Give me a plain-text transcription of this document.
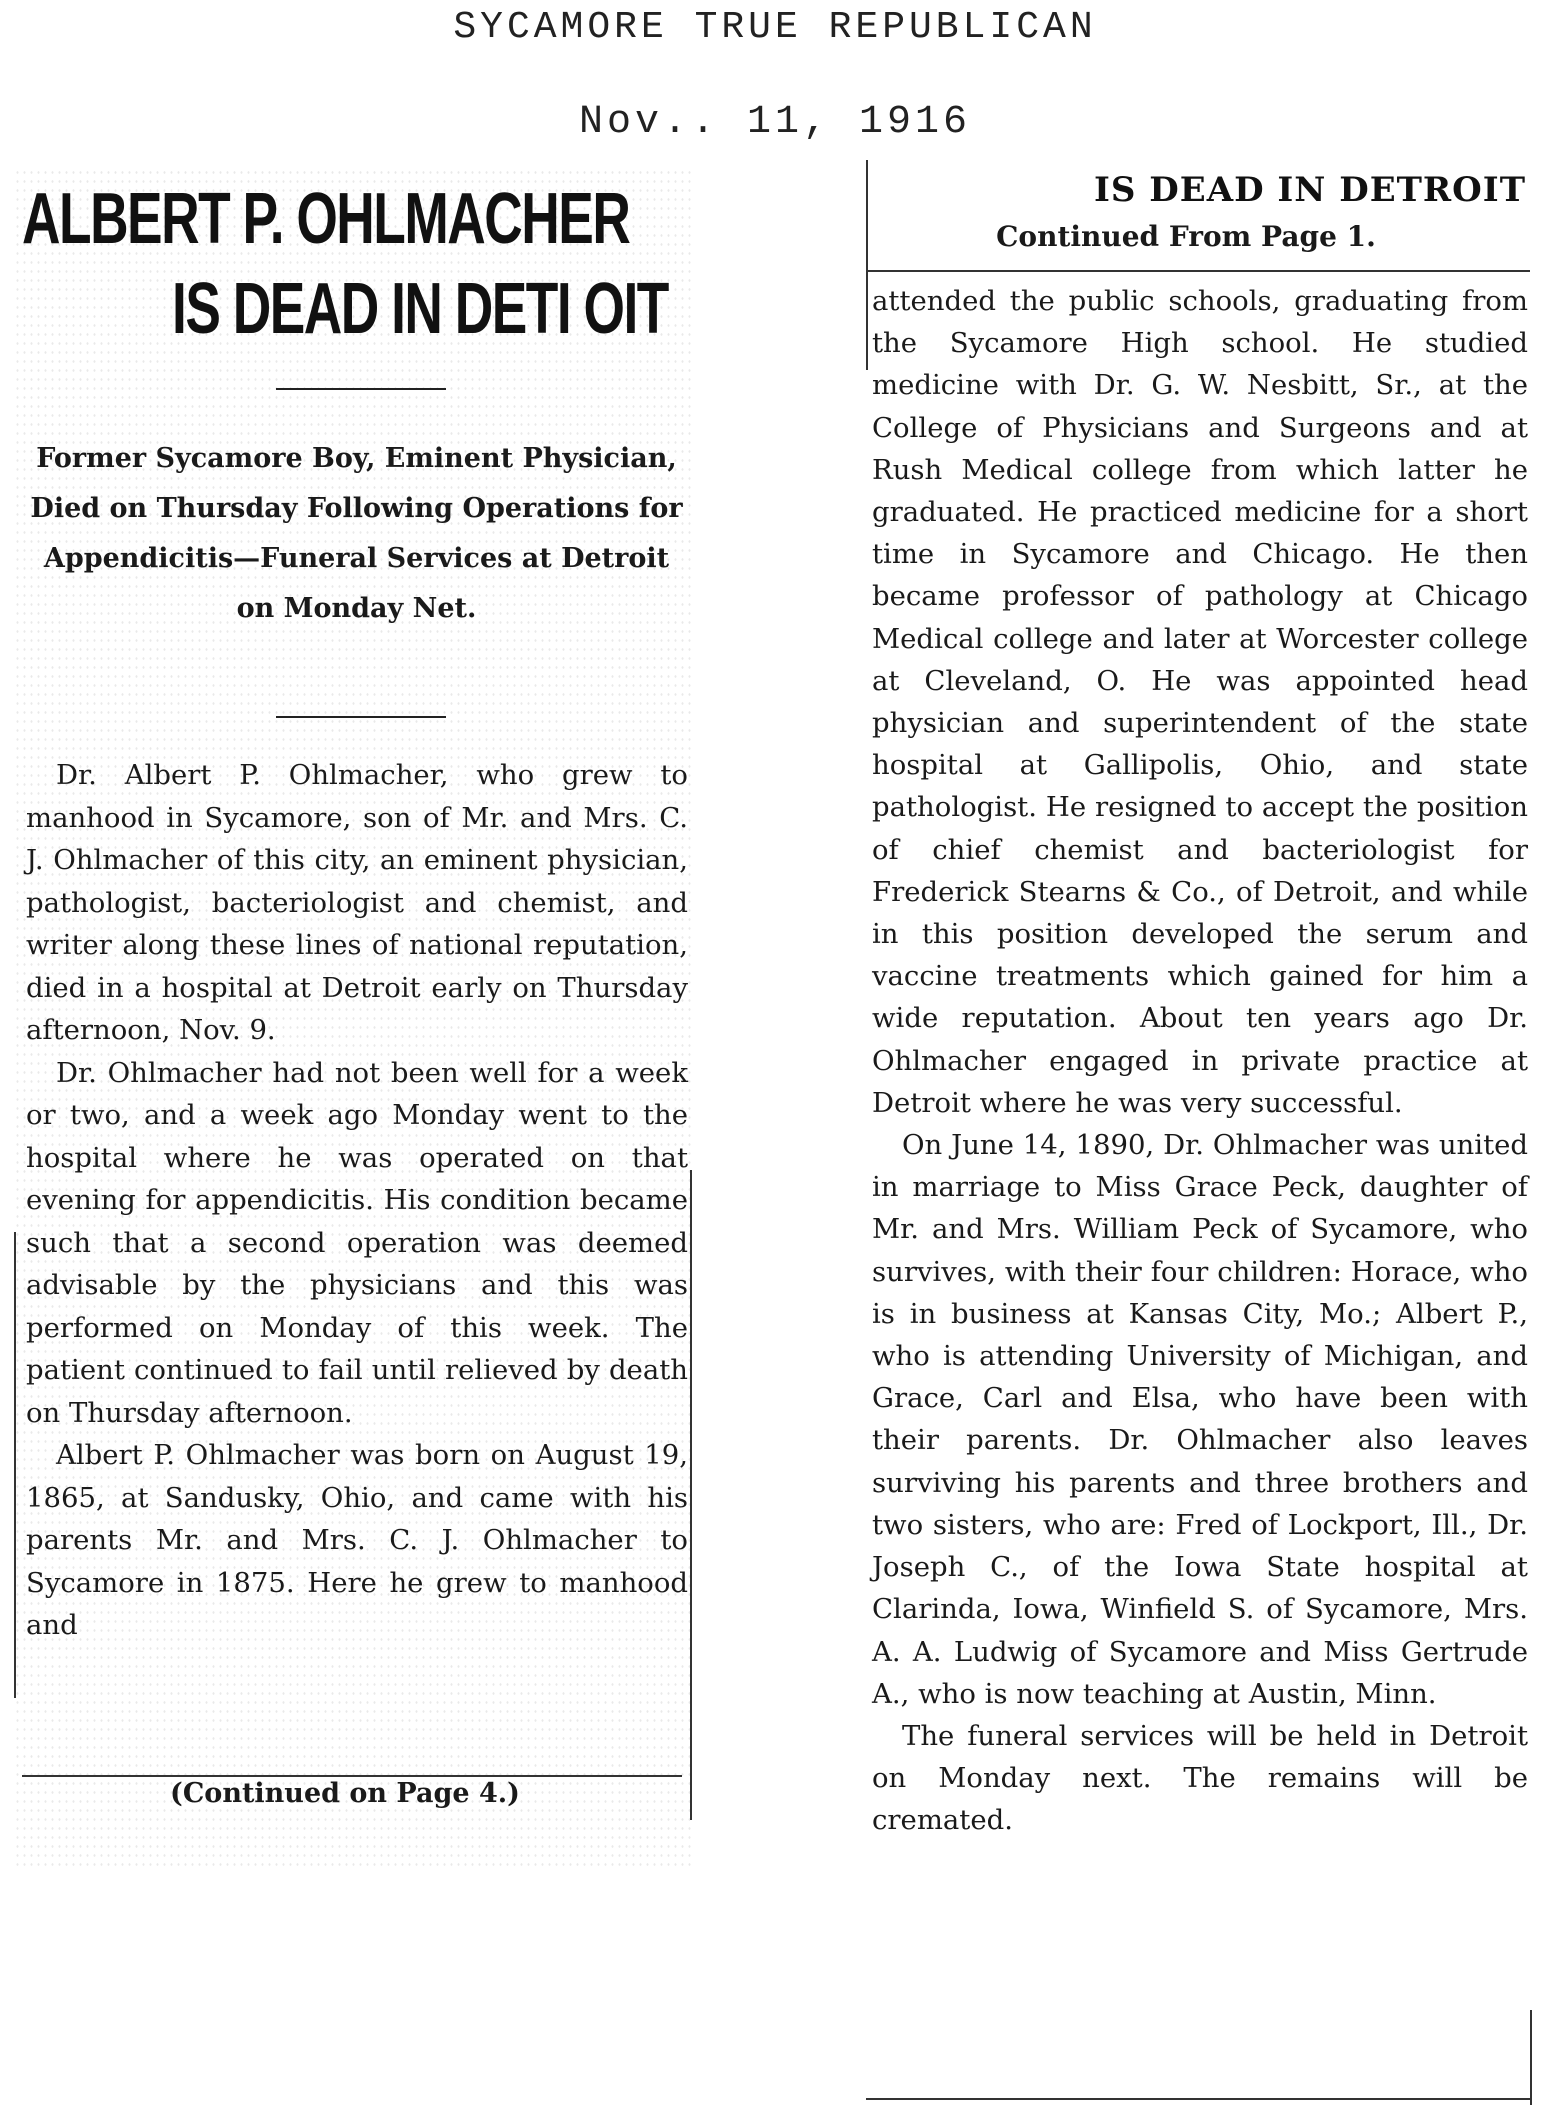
SYCAMORE TRUE REPUBLICAN
Nov.. 11, 1916
ALBERT P. OHLMACHER
IS DEAD IN DETI OIT
Former Sycamore Boy, Eminent Physician, Died on Thursday Following Operations for Appendicitis—Funeral Services at Detroit on Monday Net.

Dr. Albert P. Ohlmacher, who grew to manhood in Sycamore, son of Mr. and Mrs. C. J. Ohlmacher of this city, an eminent physician, pathologist, bacteriologist and chemist, and writer along these lines of national reputation, died in a hospital at Detroit early on Thursday afternoon, Nov. 9.

Dr. Ohlmacher had not been well for a week or two, and a week ago Monday went to the hospital where he was operated on that evening for appendicitis. His condition became such that a second operation was deemed advisable by the physicians and this was performed on Monday of this week. The patient continued to fail until relieved by death on Thursday afternoon.

Albert P. Ohlmacher was born on August 19, 1865, at Sandusky, Ohio, and came with his parents Mr. and Mrs. C. J. Ohlmacher to Sycamore in 1875. Here he grew to manhood and

(Continued on Page 4.)
IS DEAD IN DETROIT
Continued From Page 1.

attended the public schools, graduating from the Sycamore High school. He studied medicine with Dr. G. W. Nesbitt, Sr., at the College of Physicians and Surgeons and at Rush Medical college from which latter he graduated. He practiced medicine for a short time in Sycamore and Chicago. He then became professor of pathology at Chicago Medical college and later at Worcester college at Cleveland, O. He was appointed head physician and superintendent of the state hospital at Gallipolis, Ohio, and state pathologist. He resigned to accept the position of chief chemist and bacteriologist for Frederick Stearns & Co., of Detroit, and while in this position developed the serum and vaccine treatments which gained for him a wide reputation. About ten years ago Dr. Ohlmacher engaged in private practice at Detroit where he was very successful.

On June 14, 1890, Dr. Ohlmacher was united in marriage to Miss Grace Peck, daughter of Mr. and Mrs. William Peck of Sycamore, who survives, with their four children: Horace, who is in business at Kansas City, Mo.; Albert P., who is attending University of Michigan, and Grace, Carl and Elsa, who have been with their parents. Dr. Ohlmacher also leaves surviving his parents and three brothers and two sisters, who are: Fred of Lockport, Ill., Dr. Joseph C., of the Iowa State hospital at Clarinda, Iowa, Winfield S. of Sycamore, Mrs. A. A. Ludwig of Sycamore and Miss Gertrude A., who is now teaching at Austin, Minn.

The funeral services will be held in Detroit on Monday next. The remains will be cremated.
